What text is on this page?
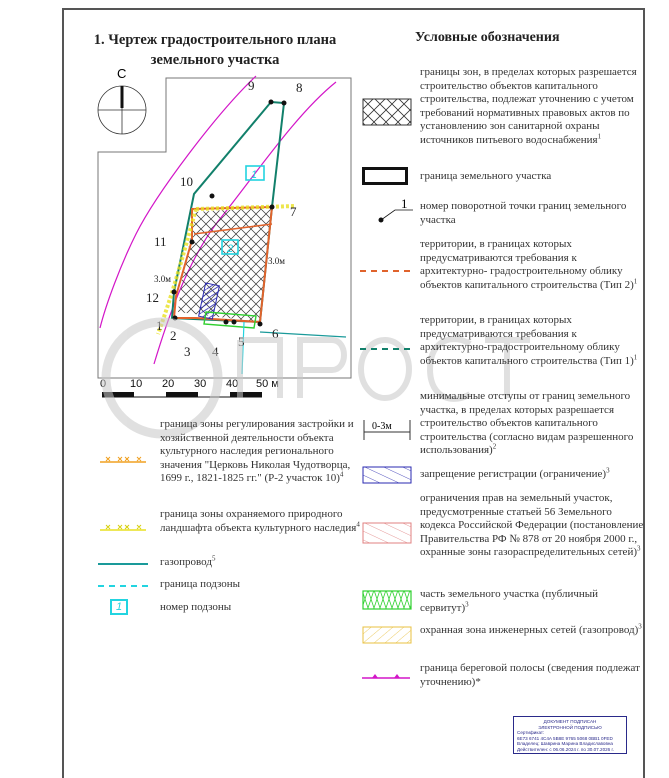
1. Чертеж градостроительного плана
земельного участка
С
1
2
9	8
10
7
11
12
1
2
3 4
5
6
3.0м
3.0м
0 10 20 30 40 50 м
Условные обозначения
границы зон, в пределах которых разрешается строительство объектов капитального строительства, подлежат уточнению с учетом требований нормативных правовых актов по установлению зон санитарной охраны источников питьевого водоснабжения$^1$
граница земельного участка
1 номер поворотной точки границ земельного участка
территории, в границах которых предусматриваются требования к архитектурно- градостроительному облику объектов капитального строительства (Тип 2)$^1$
территории, в границах которых предусматриваются требования к архитектурно-градостроительному облику объектов капитального строительства (Тип 1)$^1$
0-3м
минимальные отступы от границ земельного участка, в пределах которых разрешается строительство объектов капитального строительства (согласно видам разрешенного использования)$^2$
запрещение регистрации (ограничение)$^3$
ограничения прав на земельный участок, предусмотренные статьей 56 Земельного кодекса Российской Федерации (постановление Правительства РФ № 878 от 20 ноября 2000 г., охранные зоны газораспределительных сетей)$^3$
часть земельного участка (публичный сервитут)$^3$
охранная зона инженерных сетей (газопровод)$^3$
граница береговой полосы (сведения подлежат уточнению)*
граница зоны регулирования застройки и хозяйственной деятельности объекта культурного наследия регионального значения "Церковь Николая Чудотворца, 1699 г., 1821-1825 гг." (Р-2 участок 10)$^4$
граница зоны охраняемого природного ландшафта объекта культурного наследия$^4$
газопровод$^5$
граница подзоны
1	номер подзоны
ДОКУМЕНТ ПОДПИСАН
ЭЛЕКТРОННОЙ ПОДПИСЬЮ
Сертификат:
6E73 6741 4C4A 5B8E 9765 5068 0BB1 0FED
Владелец: Шаврина Марина Владиславовна
Действителен: с 06.06.2024 г. по 30.07.2026 г.
